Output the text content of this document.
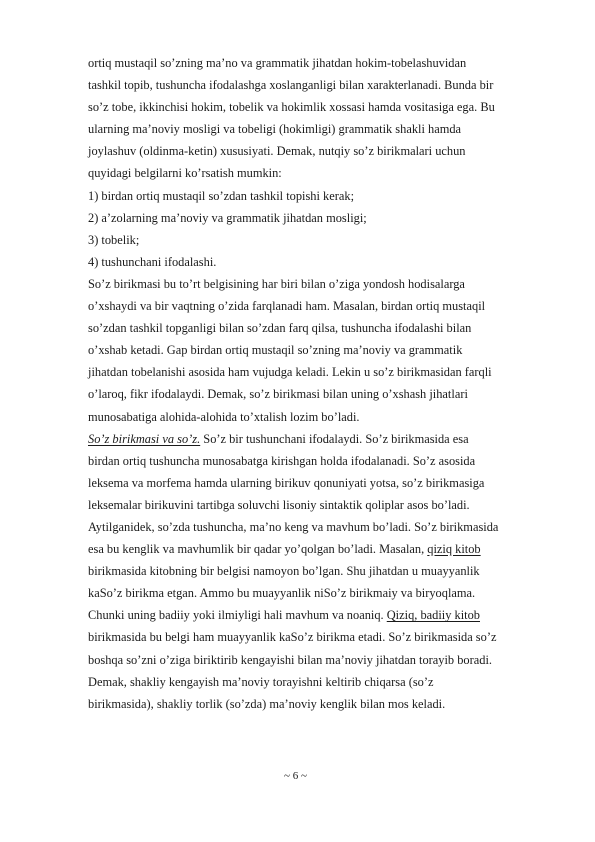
ortiq mustaqil so’zning ma’no va grammatik jihatdan hokim-tobelashuvidan
tashkil topib, tushuncha ifodalashga xoslanganligi bilan xarakterlanadi. Bunda bir
so’z tobe, ikkinchisi hokim, tobelik va hokimlik xossasi hamda vositasiga ega. Bu
ularning ma’noviy mosligi va tobeligi (hokimligi) grammatik shakli hamda
joylashuv (oldinma-ketin) xususiyati. Demak, nutqiy so’z birikmalari uchun
quyidagi belgilarni ko’rsatish mumkin:
1) birdan ortiq mustaqil so’zdan tashkil topishi kerak;
2) a’zolarning ma’noviy va grammatik jihatdan mosligi;
3) tobelik;
4) tushunchani ifodalashi.
So’z birikmasi bu to’rt belgisining har biri bilan o’ziga yondosh hodisalarga
o’xshaydi va bir vaqtning o’zida farqlanadi ham. Masalan, birdan ortiq mustaqil
so’zdan tashkil topganligi bilan so’zdan farq qilsa, tushuncha ifodalashi bilan
o’xshab ketadi. Gap birdan ortiq mustaqil so’zning ma’noviy va grammatik
jihatdan tobelanishi asosida ham vujudga keladi. Lekin u so’z birikmasidan farqli
o’laroq, fikr ifodalaydi. Demak, so’z birikmasi bilan uning o’xshash jihatlari
munosabatiga alohida-alohida to’xtalish lozim bo’ladi.
So’z birikmasi va so’z. So’z bir tushunchani ifodalaydi. So’z birikmasida esa
birdan ortiq tushuncha munosabatga kirishgan holda ifodalanadi. So’z asosida
leksema va morfema hamda ularning birikuv qonuniyati yotsa, so’z birikmasiga
leksemalar birikuvini tartibga soluvchi lisoniy sintaktik qoliplar asos bo’ladi.
Aytilganidek, so’zda tushuncha, ma’no keng va mavhum bo’ladi. So’z birikmasida
esa bu kenglik va mavhumlik bir qadar yo’qolgan bo’ladi. Masalan, qiziq kitob
birikmasida kitobning bir belgisi namoyon bo’lgan. Shu jihatdan u muayyanlik
kaSo’z birikma etgan. Ammo bu muayyanlik niSo’z birikmaiy va biryoqlama.
Chunki uning badiiy yoki ilmiyligi hali mavhum va noaniq. Qiziq, badiiy kitob
birikmasida bu belgi ham muayyanlik kaSo’z birikma etadi. So’z birikmasida so’z
boshqa so’zni o’ziga biriktirib kengayishi bilan ma’noviy jihatdan torayib boradi.
Demak, shakliy kengayish ma’noviy torayishni keltirib chiqarsa (so’z
birikmasida), shakliy torlik (so’zda) ma’noviy kenglik bilan mos keladi.
~ 6 ~
